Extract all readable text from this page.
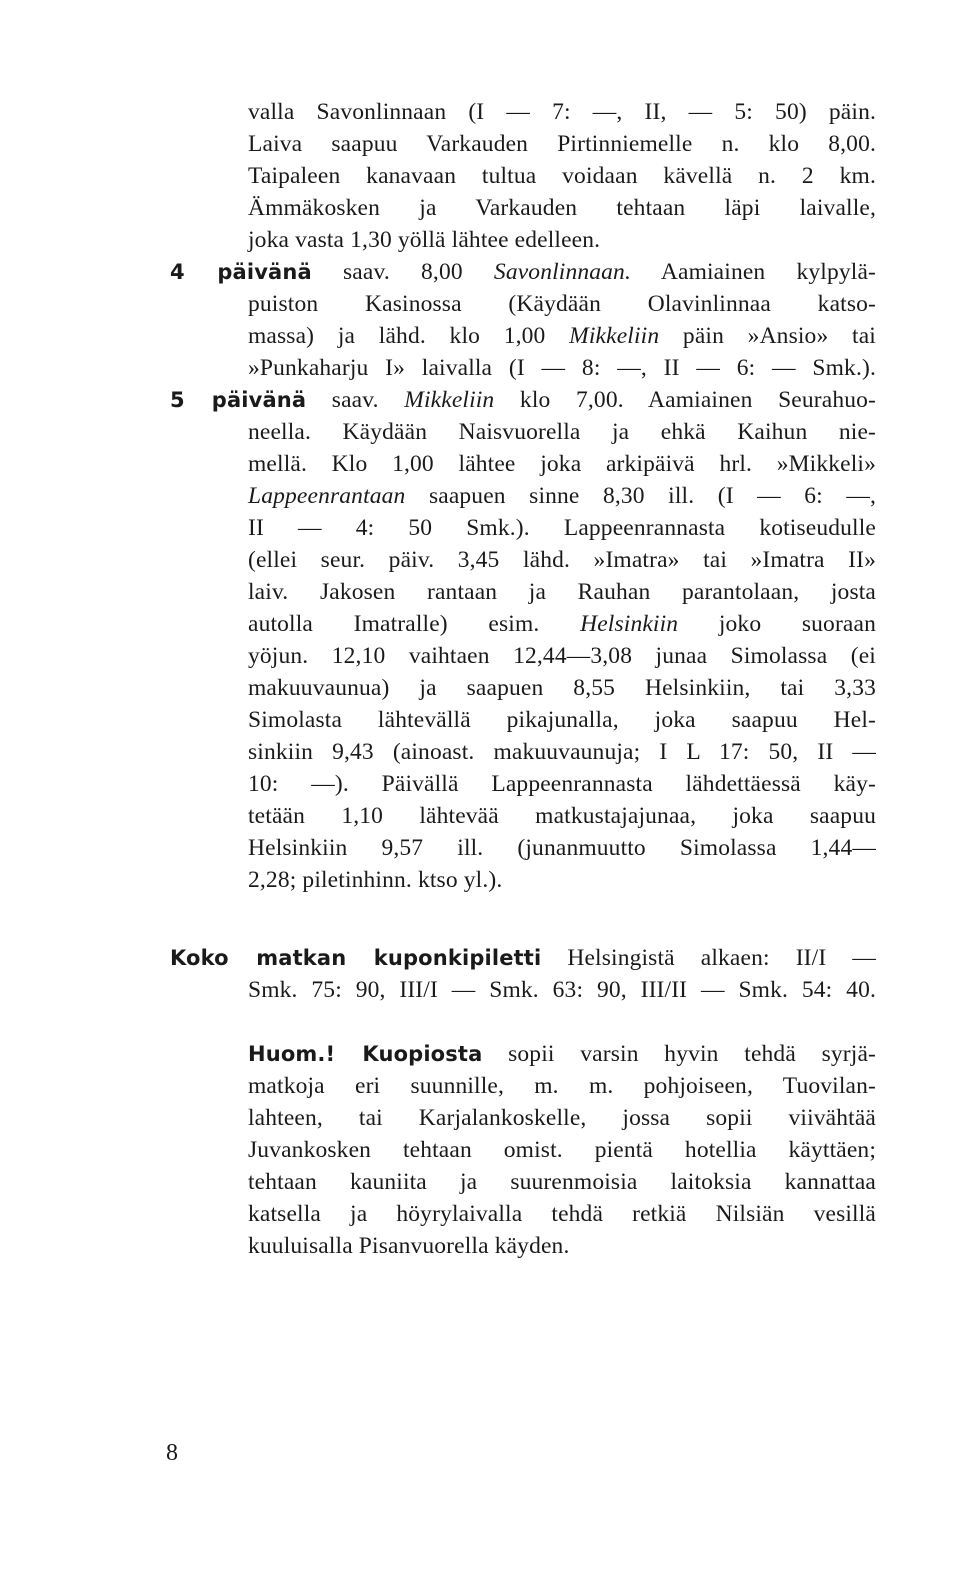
valla Savonlinnaan (I — 7: —, II, — 5: 50) päin.
Laiva saapuu Varkauden Pirtinniemelle n. klo 8,00.
Taipaleen kanavaan tultua voidaan kävellä n. 2 km.
Ämmäkosken ja Varkauden tehtaan läpi laivalle,
joka vasta 1,30 yöllä lähtee edelleen.
4 päivänä saav. 8,00 Savonlinnaan. Aamiainen kylpylä-
puiston Kasinossa (Käydään Olavinlinnaa katso-
massa) ja lähd. klo 1,00 Mikkeliin päin »Ansio» tai
»Punkaharju I» laivalla (I — 8: —, II — 6: — Smk.).
5 päivänä saav. Mikkeliin klo 7,00. Aamiainen Seurahuo-
neella. Käydään Naisvuorella ja ehkä Kaihun nie-
mellä. Klo 1,00 lähtee joka arkipäivä hrl. »Mikkeli»
Lappeenrantaan saapuen sinne 8,30 ill. (I — 6: —,
II — 4: 50 Smk.). Lappeenrannasta kotiseudulle
(ellei seur. päiv. 3,45 lähd. »Imatra» tai »Imatra II»
laiv. Jakosen rantaan ja Rauhan parantolaan, josta
autolla Imatralle) esim. Helsinkiin joko suoraan
yöjun. 12,10 vaihtaen 12,44—3,08 junaa Simolassa (ei
makuuvaunua) ja saapuen 8,55 Helsinkiin, tai 3,33
Simolasta lähtevällä pikajunalla, joka saapuu Hel-
sinkiin 9,43 (ainoast. makuuvaunuja; I L 17: 50, II —
10: —). Päivällä Lappeenrannasta lähdettäessä käy-
tetään 1,10 lähtevää matkustajajunaa, joka saapuu
Helsinkiin 9,57 ill. (junanmuutto Simolassa 1,44—
2,28; piletinhinn. ktso yl.).
Koko matkan kuponkipiletti Helsingistä alkaen: II/I —
Smk. 75: 90, III/I — Smk. 63: 90, III/II — Smk. 54: 40.
Huom.! Kuopiosta sopii varsin hyvin tehdä syrjä-
matkoja eri suunnille, m. m. pohjoiseen, Tuovilan-
lahteen, tai Karjalankoskelle, jossa sopii viivähtää
Juvankosken tehtaan omist. pientä hotellia käyttäen;
tehtaan kauniita ja suurenmoisia laitoksia kannattaa
katsella ja höyrylaivalla tehdä retkiä Nilsiän vesillä
kuuluisalla Pisanvuorella käyden.
8
